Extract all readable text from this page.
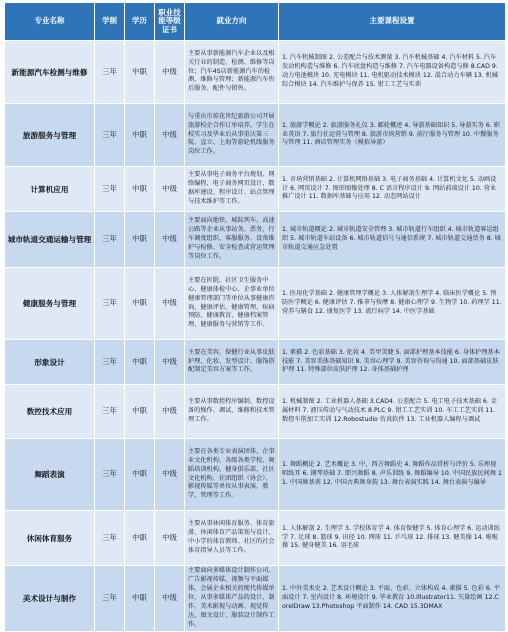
专业名称	学制	学历	职业技能等级证书	就业方向	主要课程设置
新能源汽车检测与维修	三年	中职	中级	主要从事新能源汽车企业以及相关行业的制造、检测、维修等岗位；汽车4S店新能源汽车的检测、维修与管理；新能源汽车售后服务、配件与销售。	1. 汽车机械制图 2. 公差配合与技术测量 3. 汽车机械基础 4. 汽车材料 5. 汽车发动机构造与维修 6. 汽车底盘构造与维修 7. 汽车电器设备构造与修 8.CAD 9. 动力电池模块 10. 充电模块 11. 电机驱动技术模块 12. 混合动力车辆 13. 机械综合模块 14. 汽车维护与保养 15. 钳工工艺与实训
旅游服务与管理	三年	中职	中级	与重庆市琼花世纪旅游公司开展旅游校企合作订单培养，学生在校实习及毕业后从事重庆第三航、直立、上海等游轮机线服务岗位工作。	1. 旅游学概论 2. 旅游服务礼仪 3. 邮轮概述 4. 导游基础知识 5. 导游实务 6. 职业英语 7. 旅行社运营与管理 8. 旅游市场营销 9. 前厅服务与管理 10. 中餐服务与管理 11. 酒店管理实务（模拟导游）
计算机应用	三年	中职	中级	主要从事电子商务平台规划、网络编程、电子商务网页设计、数据库建设、程序设计、站点管理与技术维护等工作。	1. 市场营销基础 2. 计算机网络基础 3. 电子商务基础 4. 计算机文化 5. 动画设计 6. 网页设计 7. 图形图像处理 8. C 语言程序设计 9. 网站前端设计 10. 营业推广设计 11. 数据库基础与应用 12. 动态网站设计
城市轨道交通运输与管理	三年	中职	中级	主要面向地铁、城际列车、高速公路等企业从事站务、票务、行车调度组织、客服服务、设备维护与检修、安全检查或营运管理等岗位工作。	1. 城市轨道概论 2. 城市轨道安全管理 3. 城市轨道行车组织 4. 城市轨道客运组织 5. 城市轨道车站设备 6. 城市轨道信号与通信系统 7. 城市轨道交通票务 8. 城市轨道交通应急处置
健康服务与管理	三年	中职	中级	主要在医院、社区卫生服务中心、健康体检中心、企事业单位健康管理部门等单位从事健康咨询、健康评估、健康管理、疾病预防、健康教育、健康档案管理、健康服务与营销等工作。	1. 医用化学基础 2. 健康管理学概论 3. 人体解剖生理学 4. 临床医学概论 5. 预防医学概论 6. 健康评估 7. 推拿与按摩 8. 健康心理学 9. 生物学 10. 药理学 11. 营养与膳食 12. 康复医学 13. 流行病学 14. 中医学基础
形象设计	三年	中职	中级	主要在美容、保健行业从事皮肤护理、化妆、发型设计、服饰搭配制定美容方案等工作。	1. 素描 2. 色彩基础 3. 化妆 4. 美甲美睫 5. 面部护理基本技能 6. 身体护理基本技能 7. 美容美体基础知识 8. 美容心理学 9. 美容咨询与沟通 10. 面部基础皮肤护理 11. 特殊部位皮肤护理 12. 身体基础护理
数控技术应用	三年	中职	中级	主要从事数控程序编制、数控设备的操作、调试、维修和技术管理工作。	1. 机械制图 2. 工业机器人基础 3.CAD4. 公差配合 5. 电工电子技术基础 6. 金属材料 7. 液压传动与气动技术 8.PLC 9. 钳工工艺实训 10. 车工工艺实训 11. 数控车削加工实训 12.Robostudio 仿真软件 13. 工业机器人编程与调试
舞蹈表演	三年	中职	中级	主要在各类专业表演团体、企事业文化机构、各级各类学校、舞蹈培训机构、健身俱乐部、社区文化机构、社团组织（协会）、影视传媒等单位从事表演、教学、管理等工作。	1. 舞蹈概论 2. 艺术概论 3. 中、西方舞蹈史 4. 舞蹈作品赏析与评价 5. 乐理视唱练耳 6. 钢琴基础 7. 即兴舞蹈 8. 声乐训练 9. 舞蹈编导 10. 中国民族民间舞 11. 中国舞基训 12. 中国古典舞身韵 13. 舞台表演实践 14. 舞台表演与编导
休闲体育服务	三年	中职	中级	主要从事休闲体育服务、体育旅游、休闲体育产品策划与设计、中小学的体育教师、社区的社会体育指导人员等工作。	1. 人体解剖 2. 生理学 3. 学校体育学 4. 体育保健学 5. 体育心理学 6. 运动训练学 7. 足球 8. 篮球 9. 田径 10. 网球 11. 乒乓球 12. 排球 13. 健美操 14. 啦啦操 15. 健身健美 16. 羽毛球
美术设计与制作	三年	中职	中级	主要面向多媒体设计制作公司、广告影视传媒、视频与平面媒体、会展企业相关的现代传媒单位，从事多媒体产品的设计、制作、美术影视与动画、视觉传达、图文设计、服装设计制作工作。	1. 中外美术史 2. 艺术设计概论 3. 平面、色彩、立体构成 4. 素描 5. 色彩 6. 平面设计 7. 室内设计 8. 环境设计 9. 毕业教育 10.Illustrator11. 矢量绘画 12.CorelDraw 13.Photoshop 平面制作 14. CAD 15.3DMAX
